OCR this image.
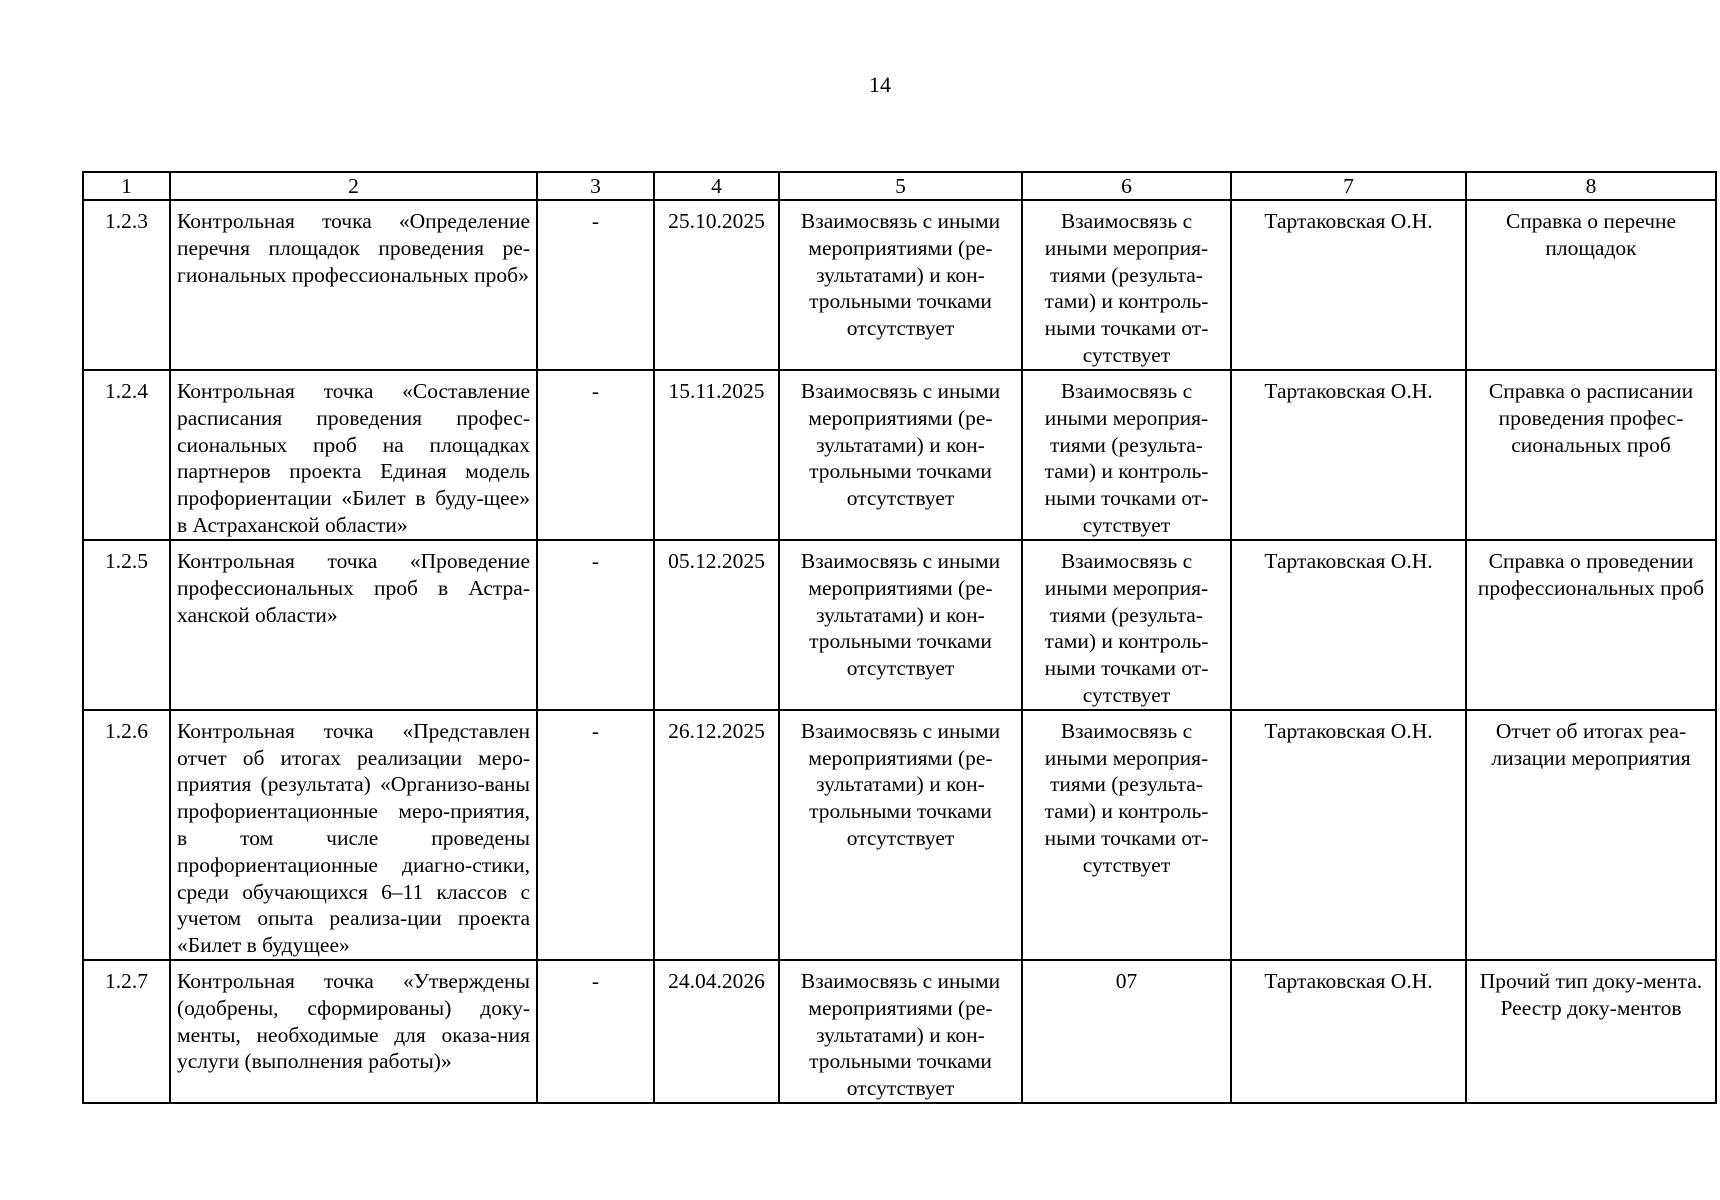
14
1	2	3	4	5	6	7	8
1.2.3	Контрольная точка «Определение перечня площадок проведения ре-гиональных профессиональных проб»	-	25.10.2025	Взаимосвязь с иными мероприятиями (ре-зультатами) и кон-трольными точками отсутствует	Взаимосвязь с иными мероприя-тиями (результа-тами) и контроль-ными точками от-сутствует	Тартаковская О.Н.	Справка о перечне площадок
1.2.4	Контрольная точка «Составление расписания проведения профес-сиональных проб на площадках партнеров проекта Единая модель профориентации «Билет в буду-щее» в Астраханской области»	-	15.11.2025	Взаимосвязь с иными мероприятиями (ре-зультатами) и кон-трольными точками отсутствует	Взаимосвязь с иными мероприя-тиями (результа-тами) и контроль-ными точками от-сутствует	Тартаковская О.Н.	Справка о расписании проведения профес-сиональных проб
1.2.5	Контрольная точка «Проведение профессиональных проб в Астра-ханской области»	-	05.12.2025	Взаимосвязь с иными мероприятиями (ре-зультатами) и кон-трольными точками отсутствует	Взаимосвязь с иными мероприя-тиями (результа-тами) и контроль-ными точками от-сутствует	Тартаковская О.Н.	Справка о проведении профессиональных проб
1.2.6	Контрольная точка «Представлен отчет об итогах реализации меро-приятия (результата) «Организо-ваны профориентационные меро-приятия, в том числе проведены профориентационные диагно-стики, среди обучающихся 6–11 классов с учетом опыта реализа-ции проекта «Билет в будущее»	-	26.12.2025	Взаимосвязь с иными мероприятиями (ре-зультатами) и кон-трольными точками отсутствует	Взаимосвязь с иными мероприя-тиями (результа-тами) и контроль-ными точками от-сутствует	Тартаковская О.Н.	Отчет об итогах реа-лизации мероприятия
1.2.7	Контрольная точка «Утверждены (одобрены, сформированы) доку-менты, необходимые для оказа-ния услуги (выполнения работы)»	-	24.04.2026	Взаимосвязь с иными мероприятиями (ре-зультатами) и кон-трольными точками отсутствует	07	Тартаковская О.Н.	Прочий тип доку-мента. Реестр доку-ментов
